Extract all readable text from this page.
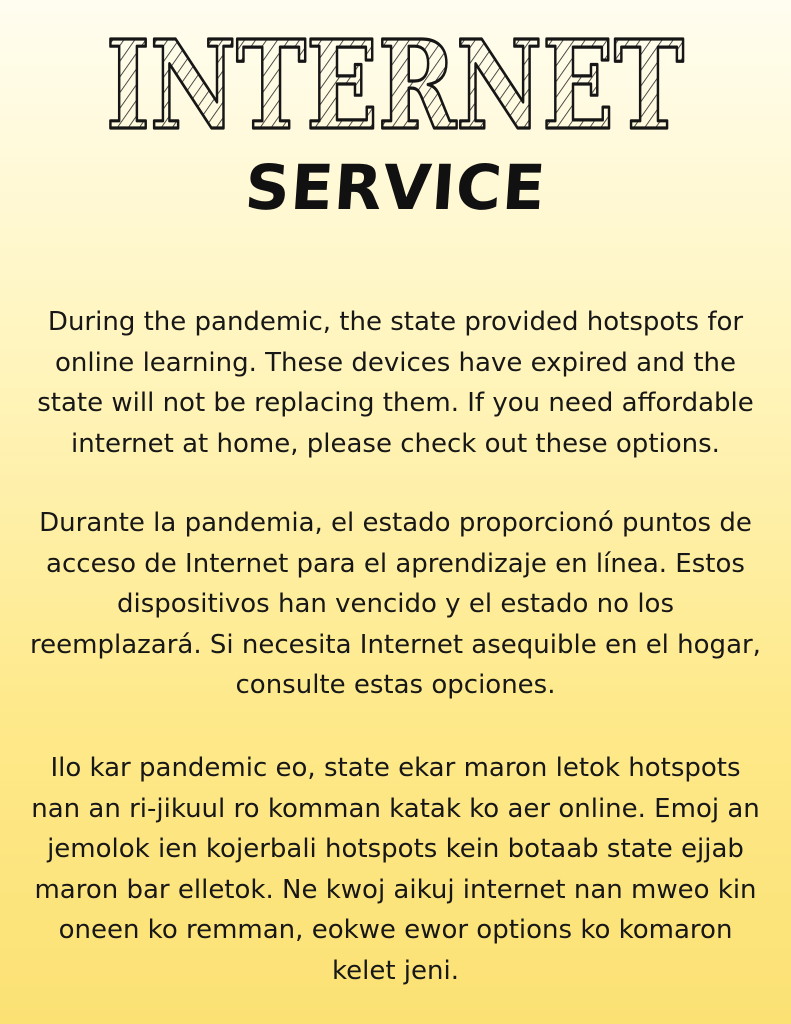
INTERNET
SERVICE
During the pandemic, the state provided hotspots for
online learning. These devices have expired and the
state will not be replacing them. If you need affordable
internet at home, please check out these options.
Durante la pandemia, el estado proporcionó puntos de
acceso de Internet para el aprendizaje en línea. Estos
dispositivos han vencido y el estado no los
reemplazará. Si necesita Internet asequible en el hogar,
consulte estas opciones.
Ilo kar pandemic eo, state ekar maron letok hotspots
nan an ri-jikuul ro komman katak ko aer online. Emoj an
jemolok ien kojerbali hotspots kein botaab state ejjab
maron bar elletok. Ne kwoj aikuj internet nan mweo kin
oneen ko remman, eokwe ewor options ko komaron
kelet jeni.
